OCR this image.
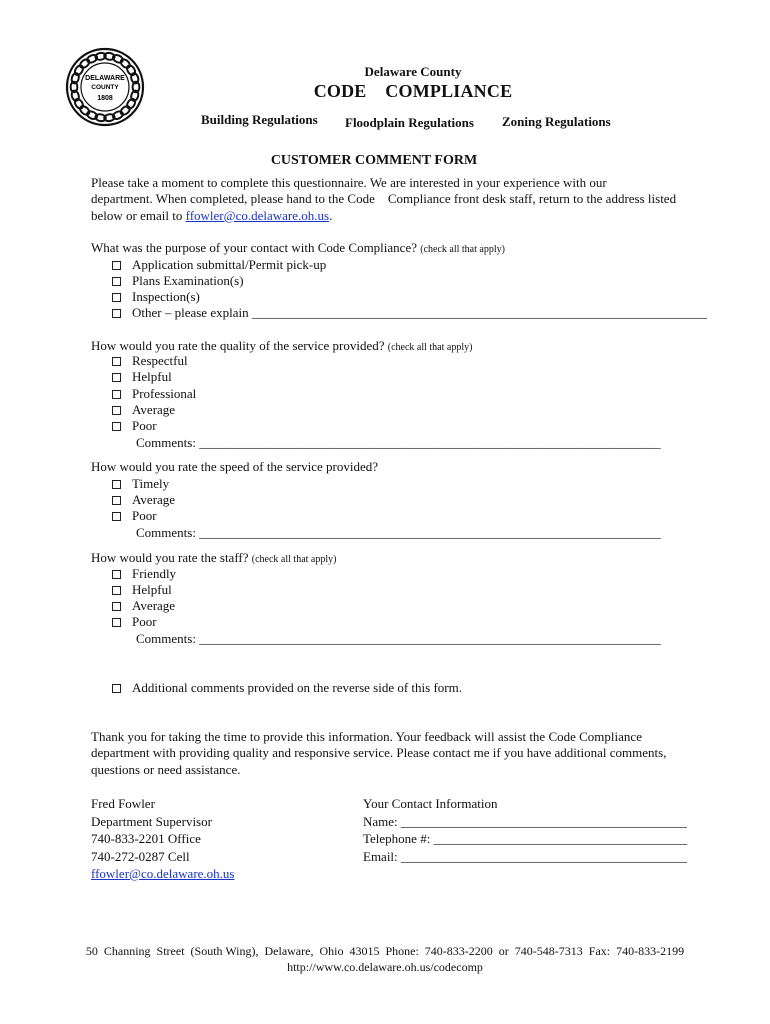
DELAWARE
COUNTY
1808
Delaware County
CODE    COMPLIANCE
Building Regulations Floodplain Regulations Zoning Regulations
CUSTOMER COMMENT FORM
Please take a moment to complete this questionnaire. We are interested in your experience with our
department. When completed, please hand to the Code    Compliance front desk staff, return to the address listed
below or email to ffowler@co.delaware.oh.us.
What was the purpose of your contact with Code Compliance? (check all that apply)
Application submittal/Permit pick-up
Plans Examination(s)
Inspection(s)
Other – please explain ______________________________________________________________________
How would you rate the quality of the service provided? (check all that apply)
Respectful
Helpful
Professional
Average
Poor
Comments: _______________________________________________________________________
How would you rate the speed of the service provided?
Timely
Average
Poor
Comments: _______________________________________________________________________
How would you rate the staff? (check all that apply)
Friendly
Helpful
Average
Poor
Comments: _______________________________________________________________________
Additional comments provided on the reverse side of this form.
Thank you for taking the time to provide this information. Your feedback will assist the Code Compliance
department with providing quality and responsive service. Please contact me if you have additional comments,
questions or need assistance.
Fred Fowler
Department Supervisor
740-833-2201 Office
740-272-0287 Cell
ffowler@co.delaware.oh.us
Your Contact Information
Name: ____________________________________________
Telephone #: _______________________________________
Email: ____________________________________________
50  Channing  Street  (South Wing),  Delaware,  Ohio  43015  Phone:  740-833-2200  or  740-548-7313  Fax:  740-833-2199
http://www.co.delaware.oh.us/codecomp
